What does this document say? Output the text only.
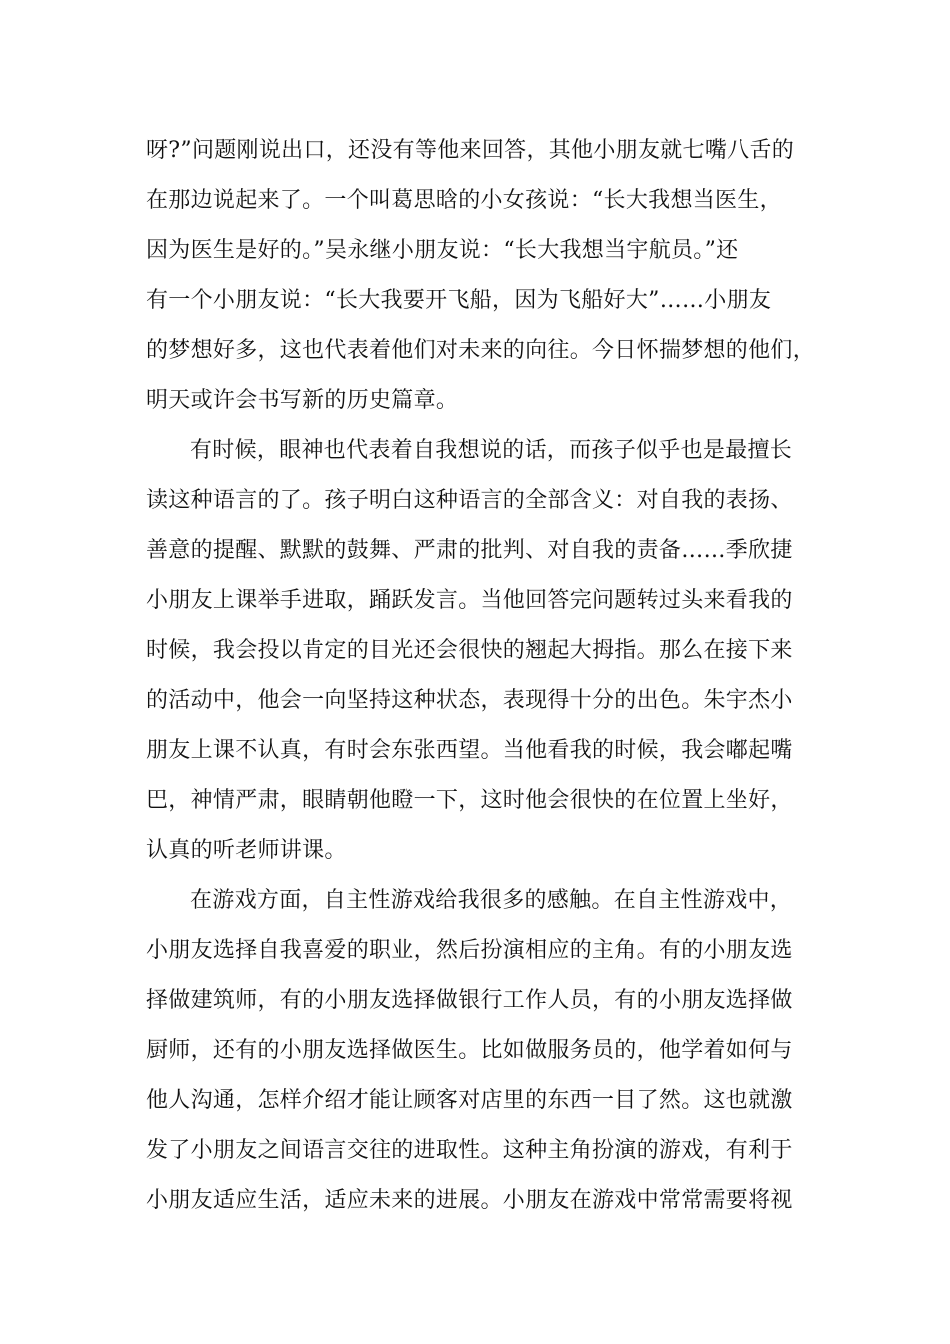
呀?”问题刚说出口，还没有等他来回答，其他小朋友就七嘴八舌的
在那边说起来了。一个叫葛思晗的小女孩说：“长大我想当医生，
因为医生是好的。”吴永继小朋友说：“长大我想当宇航员。”还
有一个小朋友说：“长大我要开飞船，因为飞船好大”……小朋友
的梦想好多，这也代表着他们对未来的向往。今日怀揣梦想的他们，
明天或许会书写新的历史篇章。
有时候，眼神也代表着自我想说的话，而孩子似乎也是最擅长
读这种语言的了。孩子明白这种语言的全部含义：对自我的表扬、
善意的提醒、默默的鼓舞、严肃的批判、对自我的责备……季欣捷
小朋友上课举手进取，踊跃发言。当他回答完问题转过头来看我的
时候，我会投以肯定的目光还会很快的翘起大拇指。那么在接下来
的活动中，他会一向坚持这种状态，表现得十分的出色。朱宇杰小
朋友上课不认真，有时会东张西望。当他看我的时候，我会嘟起嘴
巴，神情严肃，眼睛朝他瞪一下，这时他会很快的在位置上坐好，
认真的听老师讲课。
在游戏方面，自主性游戏给我很多的感触。在自主性游戏中，
小朋友选择自我喜爱的职业，然后扮演相应的主角。有的小朋友选
择做建筑师，有的小朋友选择做银行工作人员，有的小朋友选择做
厨师，还有的小朋友选择做医生。比如做服务员的，他学着如何与
他人沟通，怎样介绍才能让顾客对店里的东西一目了然。这也就激
发了小朋友之间语言交往的进取性。这种主角扮演的游戏，有利于
小朋友适应生活，适应未来的进展。小朋友在游戏中常常需要将视
